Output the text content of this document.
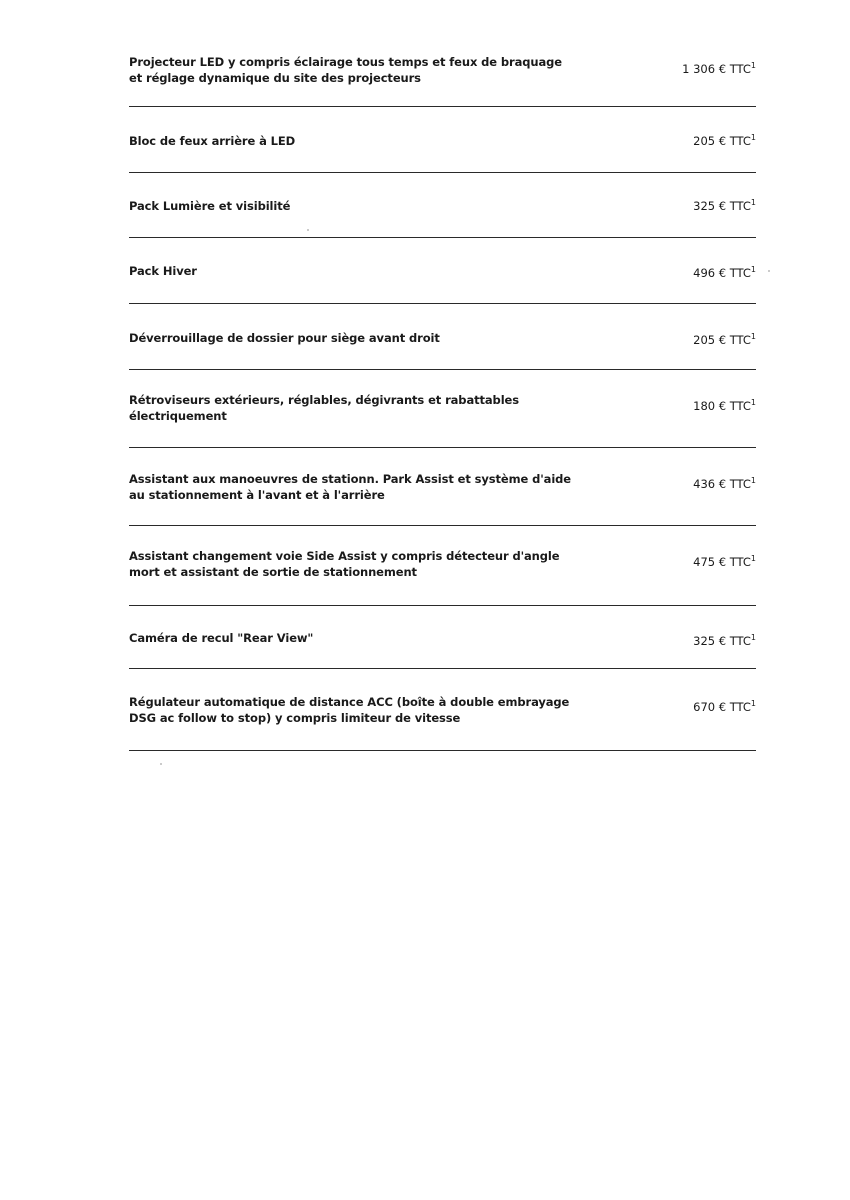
Projecteur LED y compris éclairage tous temps et feux de braquage
et réglage dynamique du site des projecteurs
1 306 € TTC$^1$
Bloc de feux arrière à LED	205 € TTC$^1$
Pack Lumière et visibilité	325 € TTC$^1$
Pack Hiver	496 € TTC$^1$
Déverrouillage de dossier pour siège avant droit	205 € TTC$^1$
Rétroviseurs extérieurs, réglables, dégivrants et rabattables
électriquement
180 € TTC$^1$
Assistant aux manoeuvres de stationn. Park Assist et système d'aide
au stationnement à l'avant et à l'arrière
436 € TTC$^1$
Assistant changement voie Side Assist y compris détecteur d'angle
mort et assistant de sortie de stationnement
475 € TTC$^1$
Caméra de recul "Rear View"	325 € TTC$^1$
Régulateur automatique de distance ACC (boîte à double embrayage
DSG ac follow to stop) y compris limiteur de vitesse
670 € TTC$^1$
